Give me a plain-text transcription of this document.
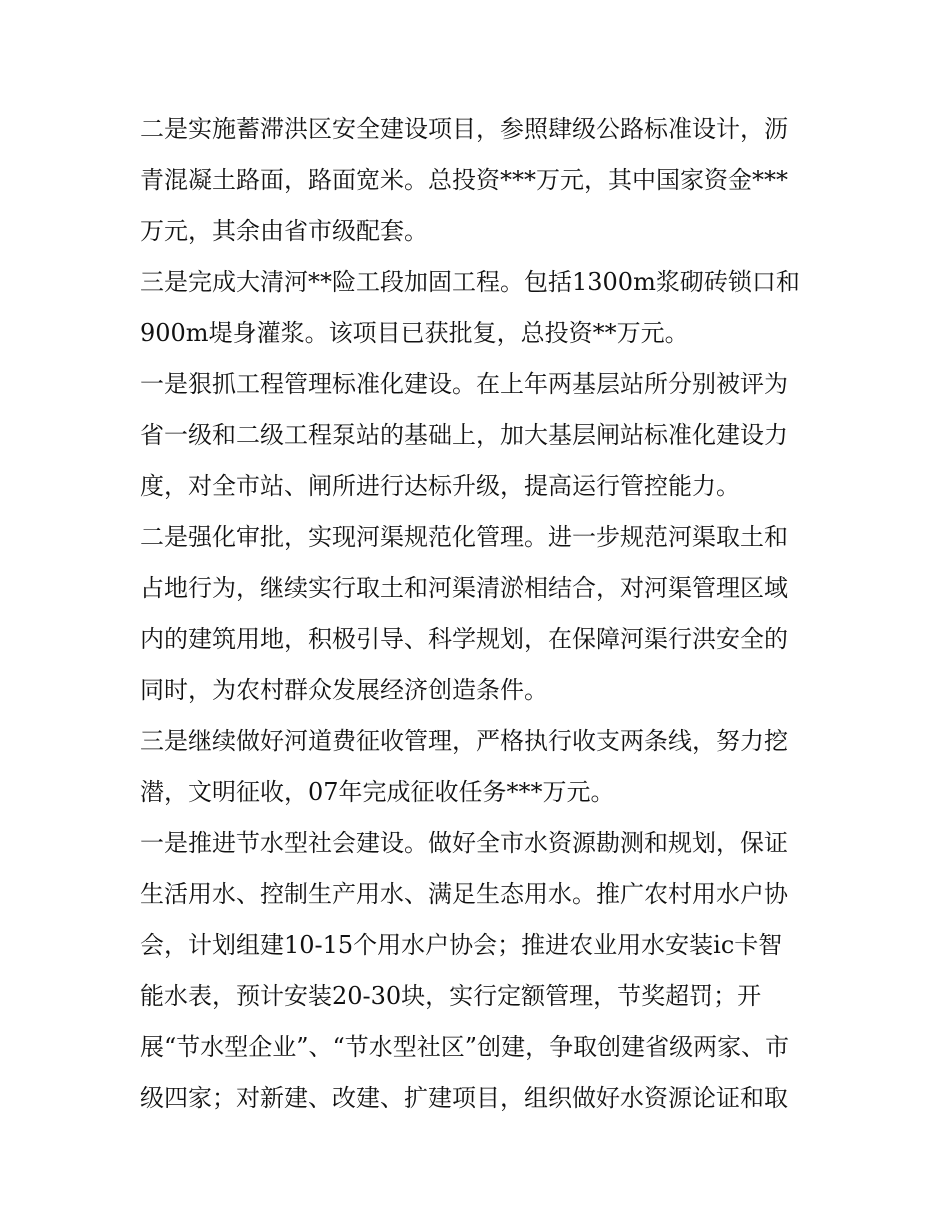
二是实施蓄滞洪区安全建设项目，参照肆级公路标准设计，沥
青混凝土路面，路面宽米。总投资***万元，其中国家资金***
万元，其余由省市级配套。
三是完成大清河**险工段加固工程。包括1300m浆砌砖锁口和
900m堤身灌浆。该项目已获批复，总投资**万元。
一是狠抓工程管理标准化建设。在上年两基层站所分别被评为
省一级和二级工程泵站的基础上，加大基层闸站标准化建设力
度，对全市站、闸所进行达标升级，提高运行管控能力。
二是强化审批，实现河渠规范化管理。进一步规范河渠取土和
占地行为，继续实行取土和河渠清淤相结合，对河渠管理区域
内的建筑用地，积极引导、科学规划，在保障河渠行洪安全的
同时，为农村群众发展经济创造条件。
三是继续做好河道费征收管理，严格执行收支两条线，努力挖
潜，文明征收，07年完成征收任务***万元。
一是推进节水型社会建设。做好全市水资源勘测和规划，保证
生活用水、控制生产用水、满足生态用水。推广农村用水户协
会，计划组建10-15个用水户协会；推进农业用水安装ic卡智
能水表，预计安装20-30块，实行定额管理，节奖超罚；开
展“节水型企业”、“节水型社区”创建，争取创建省级两家、市
级四家；对新建、改建、扩建项目，组织做好水资源论证和取
